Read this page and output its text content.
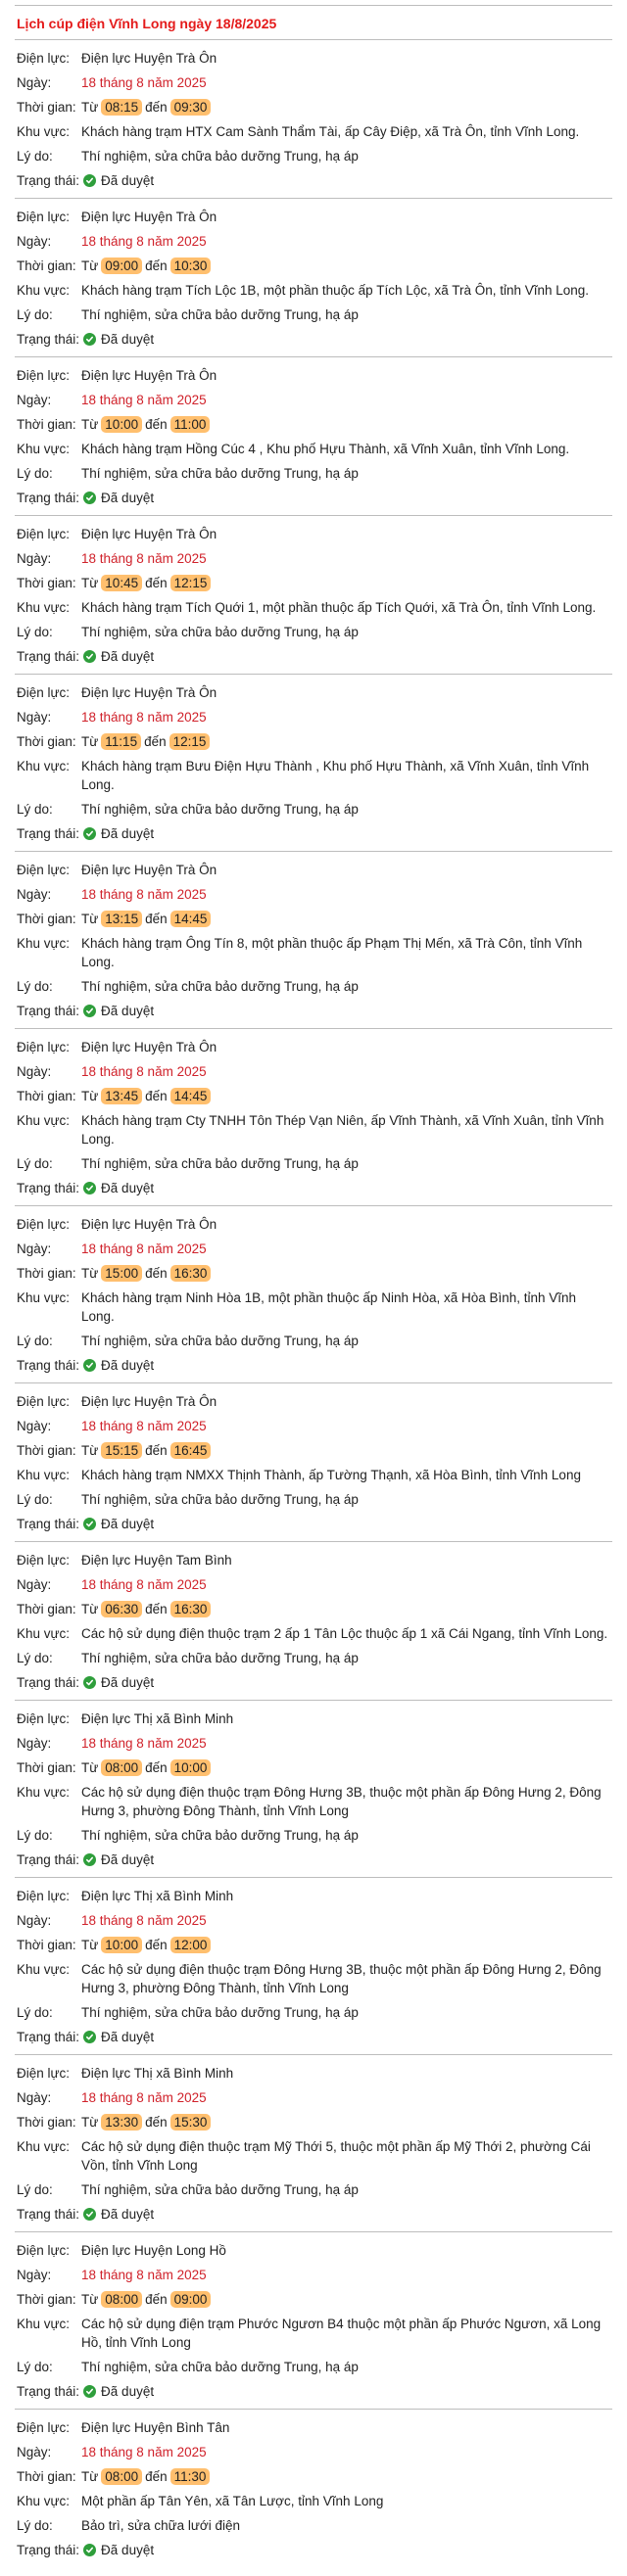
Lịch cúp điện Vĩnh Long ngày 18/8/2025
Điện lực: Điện lực Huyện Trà Ôn
Ngày:	18 tháng 8 năm 2025
Thời gian: Từ 08:15 đến 09:30
Khu vực: Khách hàng trạm HTX Cam Sành Thẩm Tài, ấp Cây Điệp, xã Trà Ôn, tỉnh Vĩnh Long.
Lý do:	Thí nghiệm, sửa chữa bảo dưỡng Trung, hạ áp
Trạng thái: Đã duyệt
Điện lực: Điện lực Huyện Trà Ôn
Ngày:	18 tháng 8 năm 2025
Thời gian: Từ 09:00 đến 10:30
Khu vực: Khách hàng trạm Tích Lộc 1B, một phần thuộc ấp Tích Lộc, xã Trà Ôn, tỉnh Vĩnh Long.
Lý do:	Thí nghiệm, sửa chữa bảo dưỡng Trung, hạ áp
Trạng thái: Đã duyệt
Điện lực: Điện lực Huyện Trà Ôn
Ngày:	18 tháng 8 năm 2025
Thời gian: Từ 10:00 đến 11:00
Khu vực: Khách hàng trạm Hồng Cúc 4 , Khu phố Hựu Thành, xã Vĩnh Xuân, tỉnh Vĩnh Long.
Lý do:	Thí nghiệm, sửa chữa bảo dưỡng Trung, hạ áp
Trạng thái: Đã duyệt
Điện lực: Điện lực Huyện Trà Ôn
Ngày:	18 tháng 8 năm 2025
Thời gian: Từ 10:45 đến 12:15
Khu vực: Khách hàng trạm Tích Quới 1, một phần thuộc ấp Tích Quới, xã Trà Ôn, tỉnh Vĩnh Long.
Lý do:	Thí nghiệm, sửa chữa bảo dưỡng Trung, hạ áp
Trạng thái: Đã duyệt
Điện lực: Điện lực Huyện Trà Ôn
Ngày:	18 tháng 8 năm 2025
Thời gian: Từ 11:15 đến 12:15
Khu vực: Khách hàng trạm Bưu Điện Hựu Thành , Khu phố Hựu Thành, xã Vĩnh Xuân, tỉnh Vĩnh Long.
Lý do:	Thí nghiệm, sửa chữa bảo dưỡng Trung, hạ áp
Trạng thái: Đã duyệt
Điện lực: Điện lực Huyện Trà Ôn
Ngày:	18 tháng 8 năm 2025
Thời gian: Từ 13:15 đến 14:45
Khu vực: Khách hàng trạm Ông Tín 8, một phần thuộc ấp Phạm Thị Mến, xã Trà Côn, tỉnh Vĩnh Long.
Lý do:	Thí nghiệm, sửa chữa bảo dưỡng Trung, hạ áp
Trạng thái: Đã duyệt
Điện lực: Điện lực Huyện Trà Ôn
Ngày:	18 tháng 8 năm 2025
Thời gian: Từ 13:45 đến 14:45
Khu vực: Khách hàng trạm Cty TNHH Tôn Thép Vạn Niên, ấp Vĩnh Thành, xã Vĩnh Xuân, tỉnh Vĩnh Long.
Lý do:	Thí nghiệm, sửa chữa bảo dưỡng Trung, hạ áp
Trạng thái: Đã duyệt
Điện lực: Điện lực Huyện Trà Ôn
Ngày:	18 tháng 8 năm 2025
Thời gian: Từ 15:00 đến 16:30
Khu vực: Khách hàng trạm Ninh Hòa 1B, một phần thuộc ấp Ninh Hòa, xã Hòa Bình, tỉnh Vĩnh Long.
Lý do:	Thí nghiệm, sửa chữa bảo dưỡng Trung, hạ áp
Trạng thái: Đã duyệt
Điện lực: Điện lực Huyện Trà Ôn
Ngày:	18 tháng 8 năm 2025
Thời gian: Từ 15:15 đến 16:45
Khu vực: Khách hàng trạm NMXX Thịnh Thành, ấp Tường Thạnh, xã Hòa Bình, tỉnh Vĩnh Long
Lý do:	Thí nghiệm, sửa chữa bảo dưỡng Trung, hạ áp
Trạng thái: Đã duyệt
Điện lực: Điện lực Huyện Tam Bình
Ngày:	18 tháng 8 năm 2025
Thời gian: Từ 06:30 đến 16:30
Khu vực: Các hộ sử dụng điện thuộc trạm 2 ấp 1 Tân Lộc thuộc ấp 1 xã Cái Ngang, tỉnh Vĩnh Long.
Lý do:	Thí nghiệm, sửa chữa bảo dưỡng Trung, hạ áp
Trạng thái: Đã duyệt
Điện lực: Điện lực Thị xã Bình Minh
Ngày:	18 tháng 8 năm 2025
Thời gian: Từ 08:00 đến 10:00
Khu vực: Các hộ sử dụng điện thuộc trạm Đông Hưng 3B, thuộc một phần ấp Đông Hưng 2, Đông Hưng 3, phường Đông Thành, tỉnh Vĩnh Long
Lý do:	Thí nghiệm, sửa chữa bảo dưỡng Trung, hạ áp
Trạng thái: Đã duyệt
Điện lực: Điện lực Thị xã Bình Minh
Ngày:	18 tháng 8 năm 2025
Thời gian: Từ 10:00 đến 12:00
Khu vực: Các hộ sử dụng điện thuộc trạm Đông Hưng 3B, thuộc một phần ấp Đông Hưng 2, Đông Hưng 3, phường Đông Thành, tỉnh Vĩnh Long
Lý do:	Thí nghiệm, sửa chữa bảo dưỡng Trung, hạ áp
Trạng thái: Đã duyệt
Điện lực: Điện lực Thị xã Bình Minh
Ngày:	18 tháng 8 năm 2025
Thời gian: Từ 13:30 đến 15:30
Khu vực: Các hộ sử dụng điện thuộc trạm Mỹ Thới 5, thuộc một phần ấp Mỹ Thới 2, phường Cái Vồn, tỉnh Vĩnh Long
Lý do:	Thí nghiệm, sửa chữa bảo dưỡng Trung, hạ áp
Trạng thái: Đã duyệt
Điện lực: Điện lực Huyện Long Hồ
Ngày:	18 tháng 8 năm 2025
Thời gian: Từ 08:00 đến 09:00
Khu vực: Các hộ sử dụng điện trạm Phước Ngươn B4 thuộc một phần ấp Phước Ngươn, xã Long Hồ, tỉnh Vĩnh Long
Lý do:	Thí nghiệm, sửa chữa bảo dưỡng Trung, hạ áp
Trạng thái: Đã duyệt
Điện lực: Điện lực Huyện Bình Tân
Ngày:	18 tháng 8 năm 2025
Thời gian: Từ 08:00 đến 11:30
Khu vực: Một phần ấp Tân Yên, xã Tân Lược, tỉnh Vĩnh Long
Lý do:	Bảo trì, sửa chữa lưới điện
Trạng thái: Đã duyệt
